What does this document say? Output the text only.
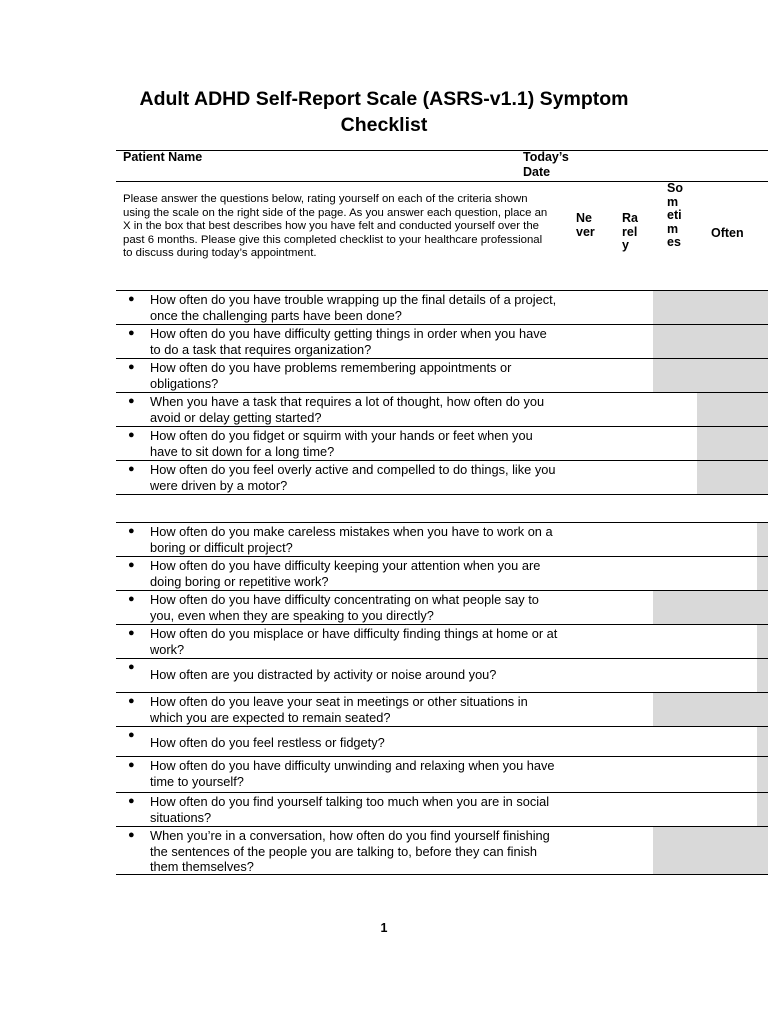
Adult ADHD Self-Report Scale (ASRS-v1.1) Symptom Checklist
Patient Name	Today’s Date
Please answer the questions below, rating yourself on each of the criteria shown using the scale on the right side of the page. As you answer each question, place an X in the box that best describes how you have felt and conducted yourself over the past 6 months. Please give this completed checklist to your healthcare professional to discuss during today’s appointment.
Never
Rarely
Sometimes
Often
● How often do you have trouble wrapping up the final details of a project, once the challenging parts have been done?
● How often do you have difficulty getting things in order when you have to do a task that requires organization?
● How often do you have problems remembering appointments or obligations?
● When you have a task that requires a lot of thought, how often do you avoid or delay getting started?
● How often do you fidget or squirm with your hands or feet when you have to sit down for a long time?
● How often do you feel overly active and compelled to do things, like you were driven by a motor?
● How often do you make careless mistakes when you have to work on a boring or difficult project?
● How often do you have difficulty keeping your attention when you are doing boring or repetitive work?
● How often do you have difficulty concentrating on what people say to you, even when they are speaking to you directly?
● How often do you misplace or have difficulty finding things at home or at work?
● How often are you distracted by activity or noise around you?
● How often do you leave your seat in meetings or other situations in which you are expected to remain seated?
● How often do you feel restless or fidgety?
● How often do you have difficulty unwinding and relaxing when you have time to yourself?
● How often do you find yourself talking too much when you are in social situations?
● When you’re in a conversation, how often do you find yourself finishing the sentences of the people you are talking to, before they can finish them themselves?
1
